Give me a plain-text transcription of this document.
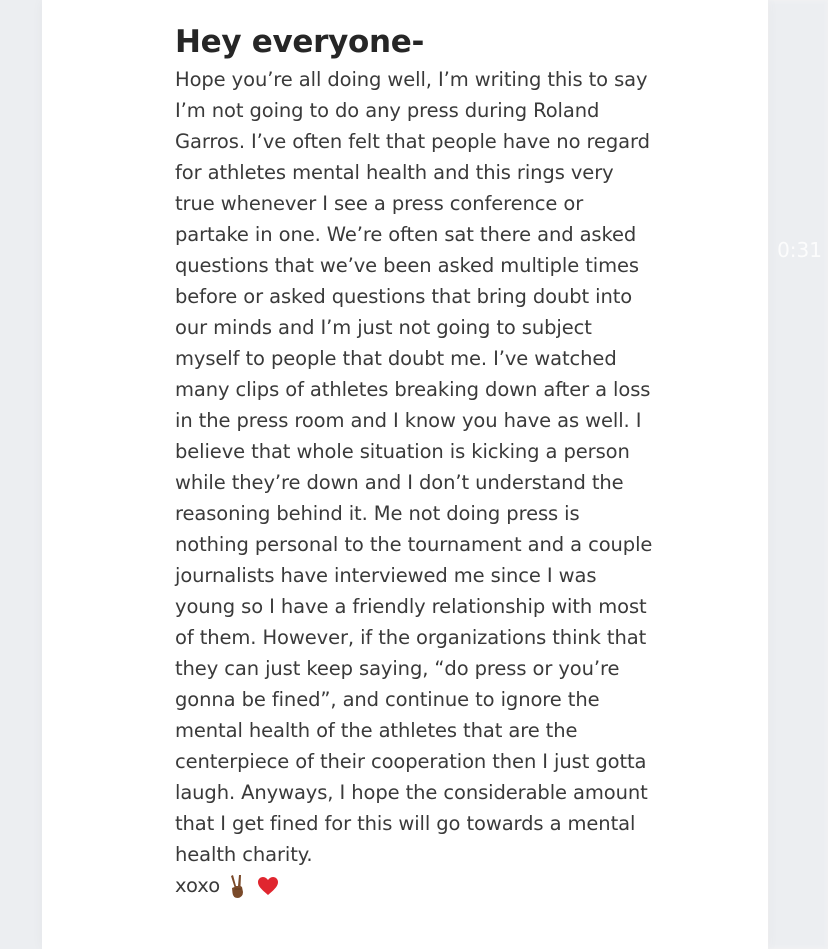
0:31
Hey everyone-

Hope you’re all doing well, I’m writing this to say I’m not going to do any press during Roland Garros. I’ve often felt that people have no regard for athletes mental health and this rings very true whenever I see a press conference or partake in one. We’re often sat there and asked questions that we’ve been asked multiple times before or asked questions that bring doubt into our minds and I’m just not going to subject myself to people that doubt me. I’ve watched many clips of athletes breaking down after a loss in the press room and I know you have as well. I believe that whole situation is kicking a person while they’re down and I don’t understand the reasoning behind it. Me not doing press is nothing personal to the tournament and a couple journalists have interviewed me since I was young so I have a friendly relationship with most of them. However, if the organizations think that they can just keep saying, “do press or you’re gonna be fined”, and continue to ignore the mental health of the athletes that are the centerpiece of their cooperation then I just gotta laugh. Anyways, I hope the considerable amount that I get fined for this will go towards a mental health charity.

xoxo
